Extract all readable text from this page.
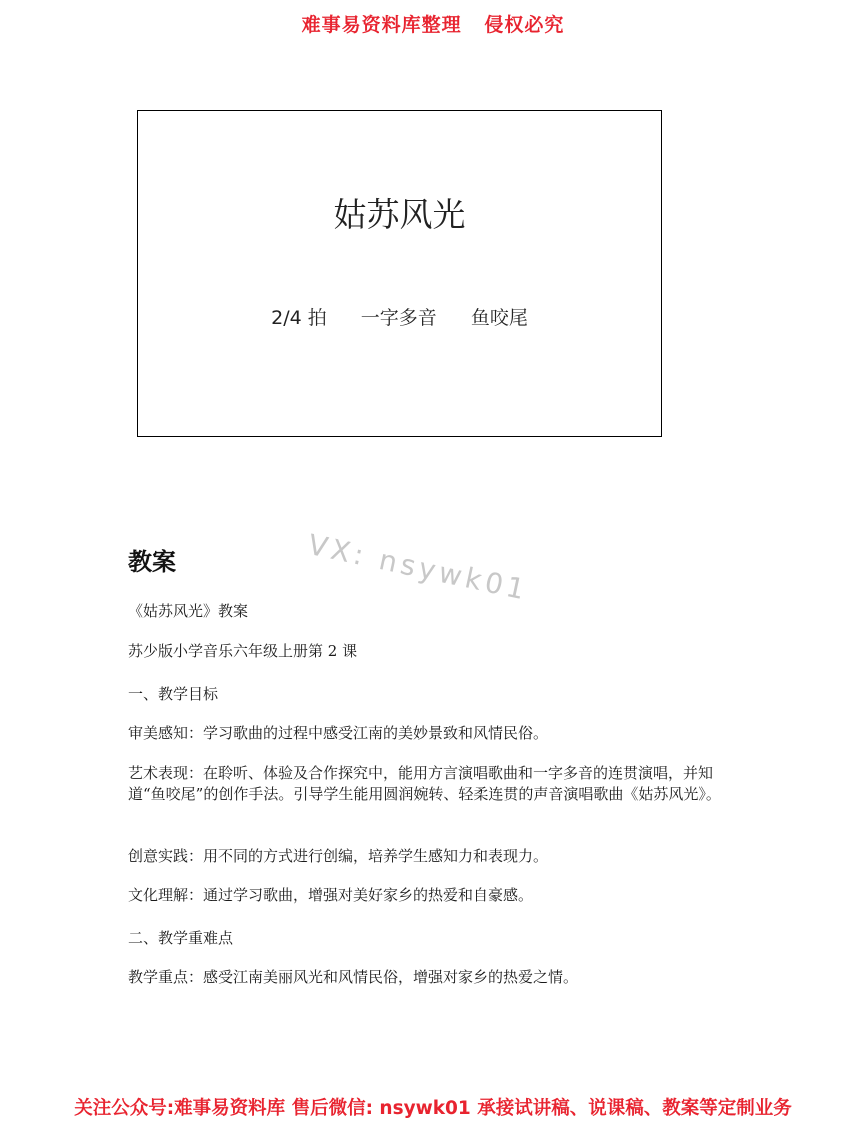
难事易资料库整理   侵权必究
姑苏风光
2/4 拍 一字多音 鱼咬尾
VX: nsywk01
教案
《姑苏风光》教案
苏少版小学音乐六年级上册第 2 课
一、教学目标
审美感知：学习歌曲的过程中感受江南的美妙景致和风情民俗。
艺术表现：在聆听、体验及合作探究中，能用方言演唱歌曲和一字多音的连贯演唱，并知道“鱼咬尾”的创作手法。引导学生能用圆润婉转、轻柔连贯的声音演唱歌曲《姑苏风光》。
创意实践：用不同的方式进行创编，培养学生感知力和表现力。
文化理解：通过学习歌曲，增强对美好家乡的热爱和自豪感。
二、教学重难点
教学重点：感受江南美丽风光和风情民俗，增强对家乡的热爱之情。
关注公众号:难事易资料库 售后微信: nsywk01 承接试讲稿、说课稿、教案等定制业务
